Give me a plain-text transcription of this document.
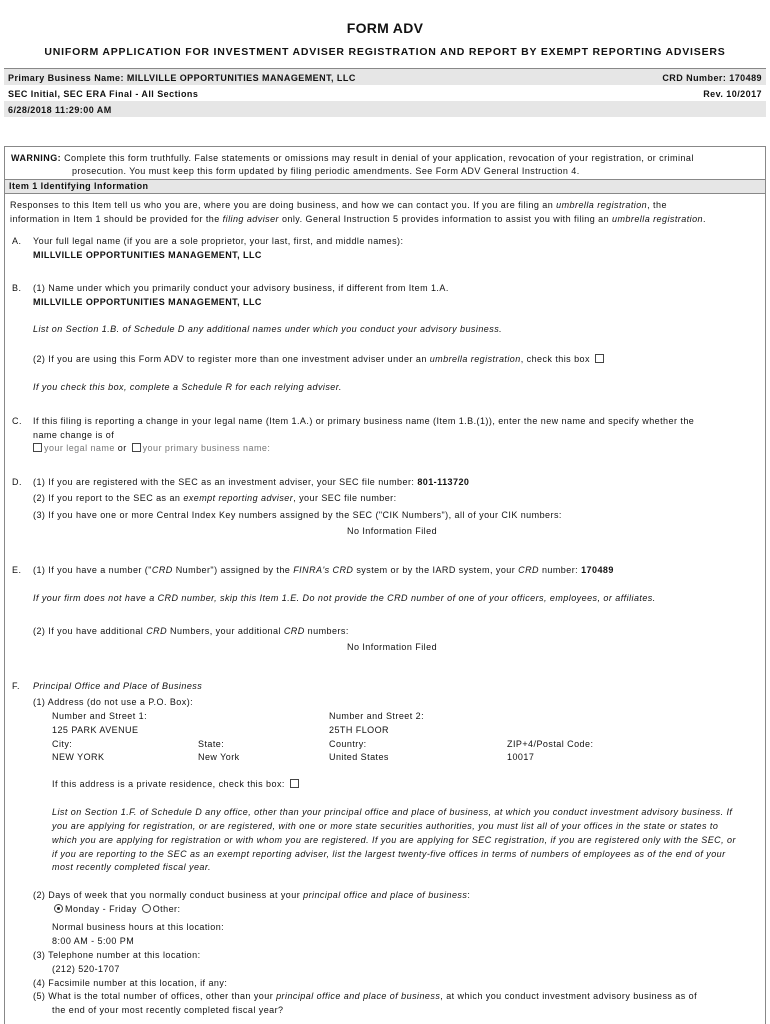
FORM ADV
UNIFORM APPLICATION FOR INVESTMENT ADVISER REGISTRATION AND REPORT BY EXEMPT REPORTING ADVISERS
Primary Business Name: MILLVILLE OPPORTUNITIES MANAGEMENT, LLC	CRD Number: 170489
SEC Initial, SEC ERA Final - All Sections	Rev. 10/2017
6/28/2018 11:29:00 AM
WARNING: Complete this form truthfully. False statements or omissions may result in denial of your application, revocation of your registration, or criminal
prosecution. You must keep this form updated by filing periodic amendments. See Form ADV General Instruction 4.
Item 1 Identifying Information
Responses to this Item tell us who you are, where you are doing business, and how we can contact you. If you are filing an umbrella registration, the
information in Item 1 should be provided for the filing adviser only. General Instruction 5 provides information to assist you with filing an umbrella registration.
A. Your full legal name (if you are a sole proprietor, your last, first, and middle names):
MILLVILLE OPPORTUNITIES MANAGEMENT, LLC
B. (1) Name under which you primarily conduct your advisory business, if different from Item 1.A.
MILLVILLE OPPORTUNITIES MANAGEMENT, LLC
List on Section 1.B. of Schedule D any additional names under which you conduct your advisory business.
(2) If you are using this Form ADV to register more than one investment adviser under an umbrella registration, check this box
If you check this box, complete a Schedule R for each relying adviser.
C. If this filing is reporting a change in your legal name (Item 1.A.) or primary business name (Item 1.B.(1)), enter the new name and specify whether the
name change is of
your legal name or your primary business name:
D. (1) If you are registered with the SEC as an investment adviser, your SEC file number: 801-113720
(2) If you report to the SEC as an exempt reporting adviser, your SEC file number:
(3) If you have one or more Central Index Key numbers assigned by the SEC ("CIK Numbers"), all of your CIK numbers:
No Information Filed
E. (1) If you have a number ("CRD Number") assigned by the FINRA's CRD system or by the IARD system, your CRD number: 170489
If your firm does not have a CRD number, skip this Item 1.E. Do not provide the CRD number of one of your officers, employees, or affiliates.
(2) If you have additional CRD Numbers, your additional CRD numbers:
No Information Filed
F. Principal Office and Place of Business
(1) Address (do not use a P.O. Box):
Number and Street 1:
125 PARK AVENUE
Number and Street 2:
25TH FLOOR
City:
NEW YORK
State:
New York
Country:
United States
ZIP+4/Postal Code:
10017
If this address is a private residence, check this box:
List on Section 1.F. of Schedule D any office, other than your principal office and place of business, at which you conduct investment advisory business. If
you are applying for registration, or are registered, with one or more state securities authorities, you must list all of your offices in the state or states to
which you are applying for registration or with whom you are registered. If you are applying for SEC registration, if you are registered only with the SEC, or
if you are reporting to the SEC as an exempt reporting adviser, list the largest twenty-five offices in terms of numbers of employees as of the end of your
most recently completed fiscal year.
(2) Days of week that you normally conduct business at your principal office and place of business:
Monday - Friday Other:
Normal business hours at this location:
8:00 AM - 5:00 PM
(3) Telephone number at this location:
(212) 520-1707
(4) Facsimile number at this location, if any:
(5) What is the total number of offices, other than your principal office and place of business, at which you conduct investment advisory business as of
the end of your most recently completed fiscal year?
